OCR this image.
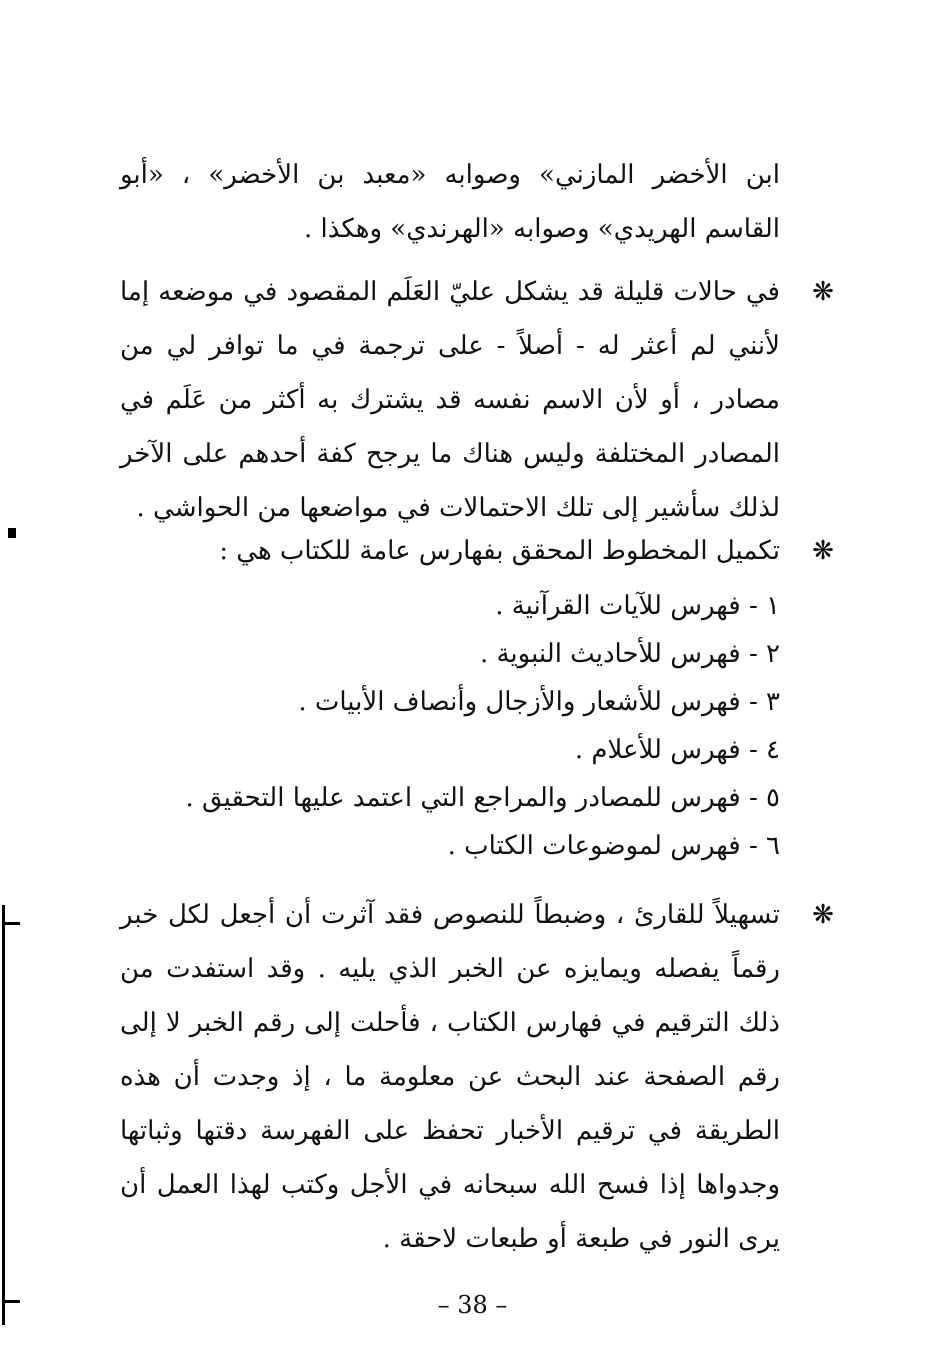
ابن الأخضر المازني» وصوابه «معبد بن الأخضر» ، «أبو القاسم الهريدي» وصوابه «الهرندي» وهكذا .

❋

في حالات قليلة قد يشكل عليّ العَلَم المقصود في موضعه إما لأنني لم أعثر له - أصلاً - على ترجمة في ما توافر لي من مصادر ، أو لأن الاسم نفسه قد يشترك به أكثر من عَلَم في المصادر المختلفة وليس هناك ما يرجح كفة أحدهم على الآخر لذلك سأشير إلى تلك الاحتمالات في مواضعها من الحواشي .

❋

تكميل المخطوط المحقق بفهارس عامة للكتاب هي :

١ - فهرس للآيات القرآنية .
٢ - فهرس للأحاديث النبوية .
٣ - فهرس للأشعار والأزجال وأنصاف الأبيات .
٤ - فهرس للأعلام .
٥ - فهرس للمصادر والمراجع التي اعتمد عليها التحقيق .
٦ - فهرس لموضوعات الكتاب .
❋

تسهيلاً للقارئ ، وضبطاً للنصوص فقد آثرت أن أجعل لكل خبر رقماً يفصله ويمايزه عن الخبر الذي يليه . وقد استفدت من ذلك الترقيم في فهارس الكتاب ، فأحلت إلى رقم الخبر لا إلى رقم الصفحة عند البحث عن معلومة ما ، إذ وجدت أن هذه الطريقة في ترقيم الأخبار تحفظ على الفهرسة دقتها وثباتها وجدواها إذا فسح الله سبحانه في الأجل وكتب لهذا العمل أن يرى النور في طبعة أو طبعات لاحقة .

– 38 –
